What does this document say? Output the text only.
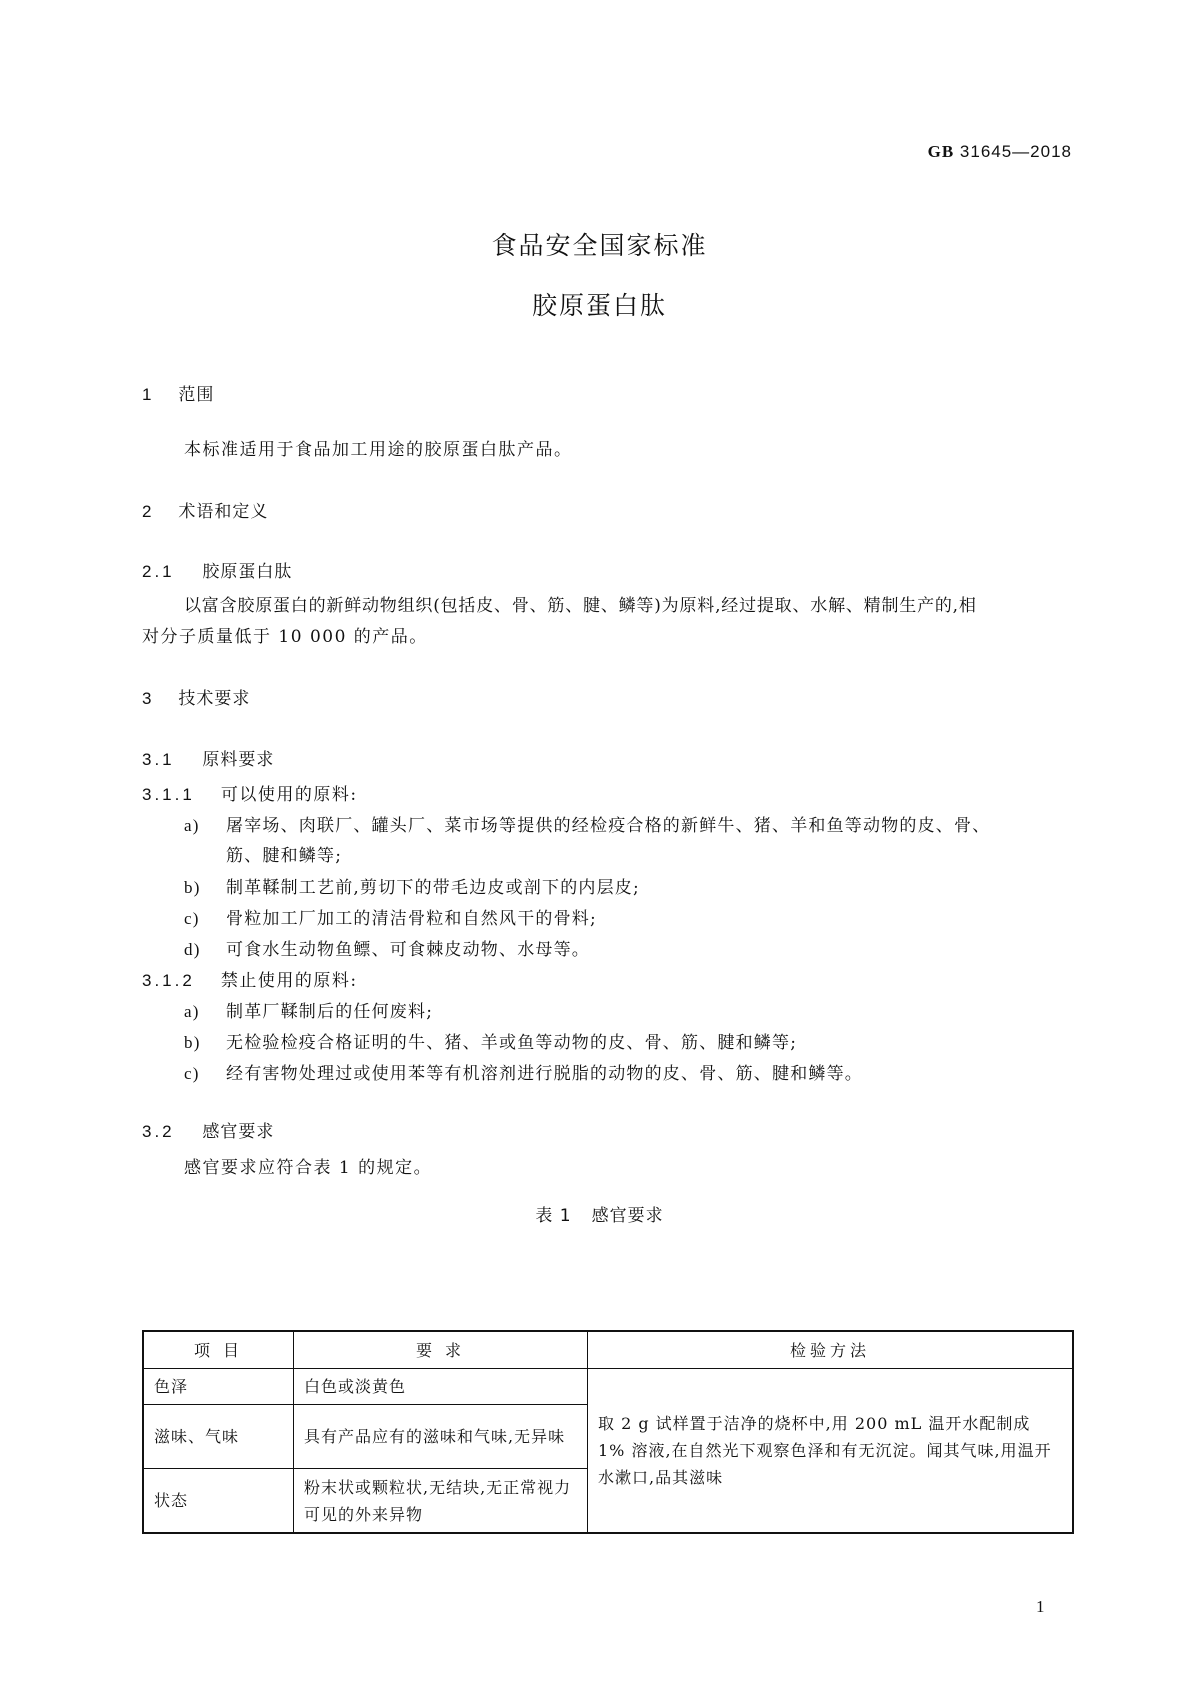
GB 31645—2018
食品安全国家标准
胶原蛋白肽
1 范围
本标准适用于食品加工用途的胶原蛋白肽产品。
2 术语和定义
2.1 胶原蛋白肽
以富含胶原蛋白的新鲜动物组织(包括皮、骨、筋、腱、鳞等)为原料,经过提取、水解、精制生产的,相
对分子质量低于 10 000 的产品。
3 技术要求
3.1 原料要求
3.1.1 可以使用的原料:
a) 屠宰场、肉联厂、罐头厂、菜市场等提供的经检疫合格的新鲜牛、猪、羊和鱼等动物的皮、骨、
筋、腱和鳞等;
b) 制革鞣制工艺前,剪切下的带毛边皮或剖下的内层皮;
c) 骨粒加工厂加工的清洁骨粒和自然风干的骨料;
d) 可食水生动物鱼鳔、可食棘皮动物、水母等。
3.1.2 禁止使用的原料:
a) 制革厂鞣制后的任何废料;
b) 无检验检疫合格证明的牛、猪、羊或鱼等动物的皮、骨、筋、腱和鳞等;
c) 经有害物处理过或使用苯等有机溶剂进行脱脂的动物的皮、骨、筋、腱和鳞等。
3.2 感官要求
感官要求应符合表 1 的规定。
表 1 感官要求
项 目	要 求	检验方法
色泽	白色或淡黄色	取 2 g 试样置于洁净的烧杯中,用 200 mL 温开水配制成 1% 溶液,在自然光下观察色泽和有无沉淀。闻其气味,用温开水漱口,品其滋味
滋味、气味	具有产品应有的滋味和气味,无异味	
状态	粉末状或颗粒状,无结块,无正常视力可见的外来异物	
1
